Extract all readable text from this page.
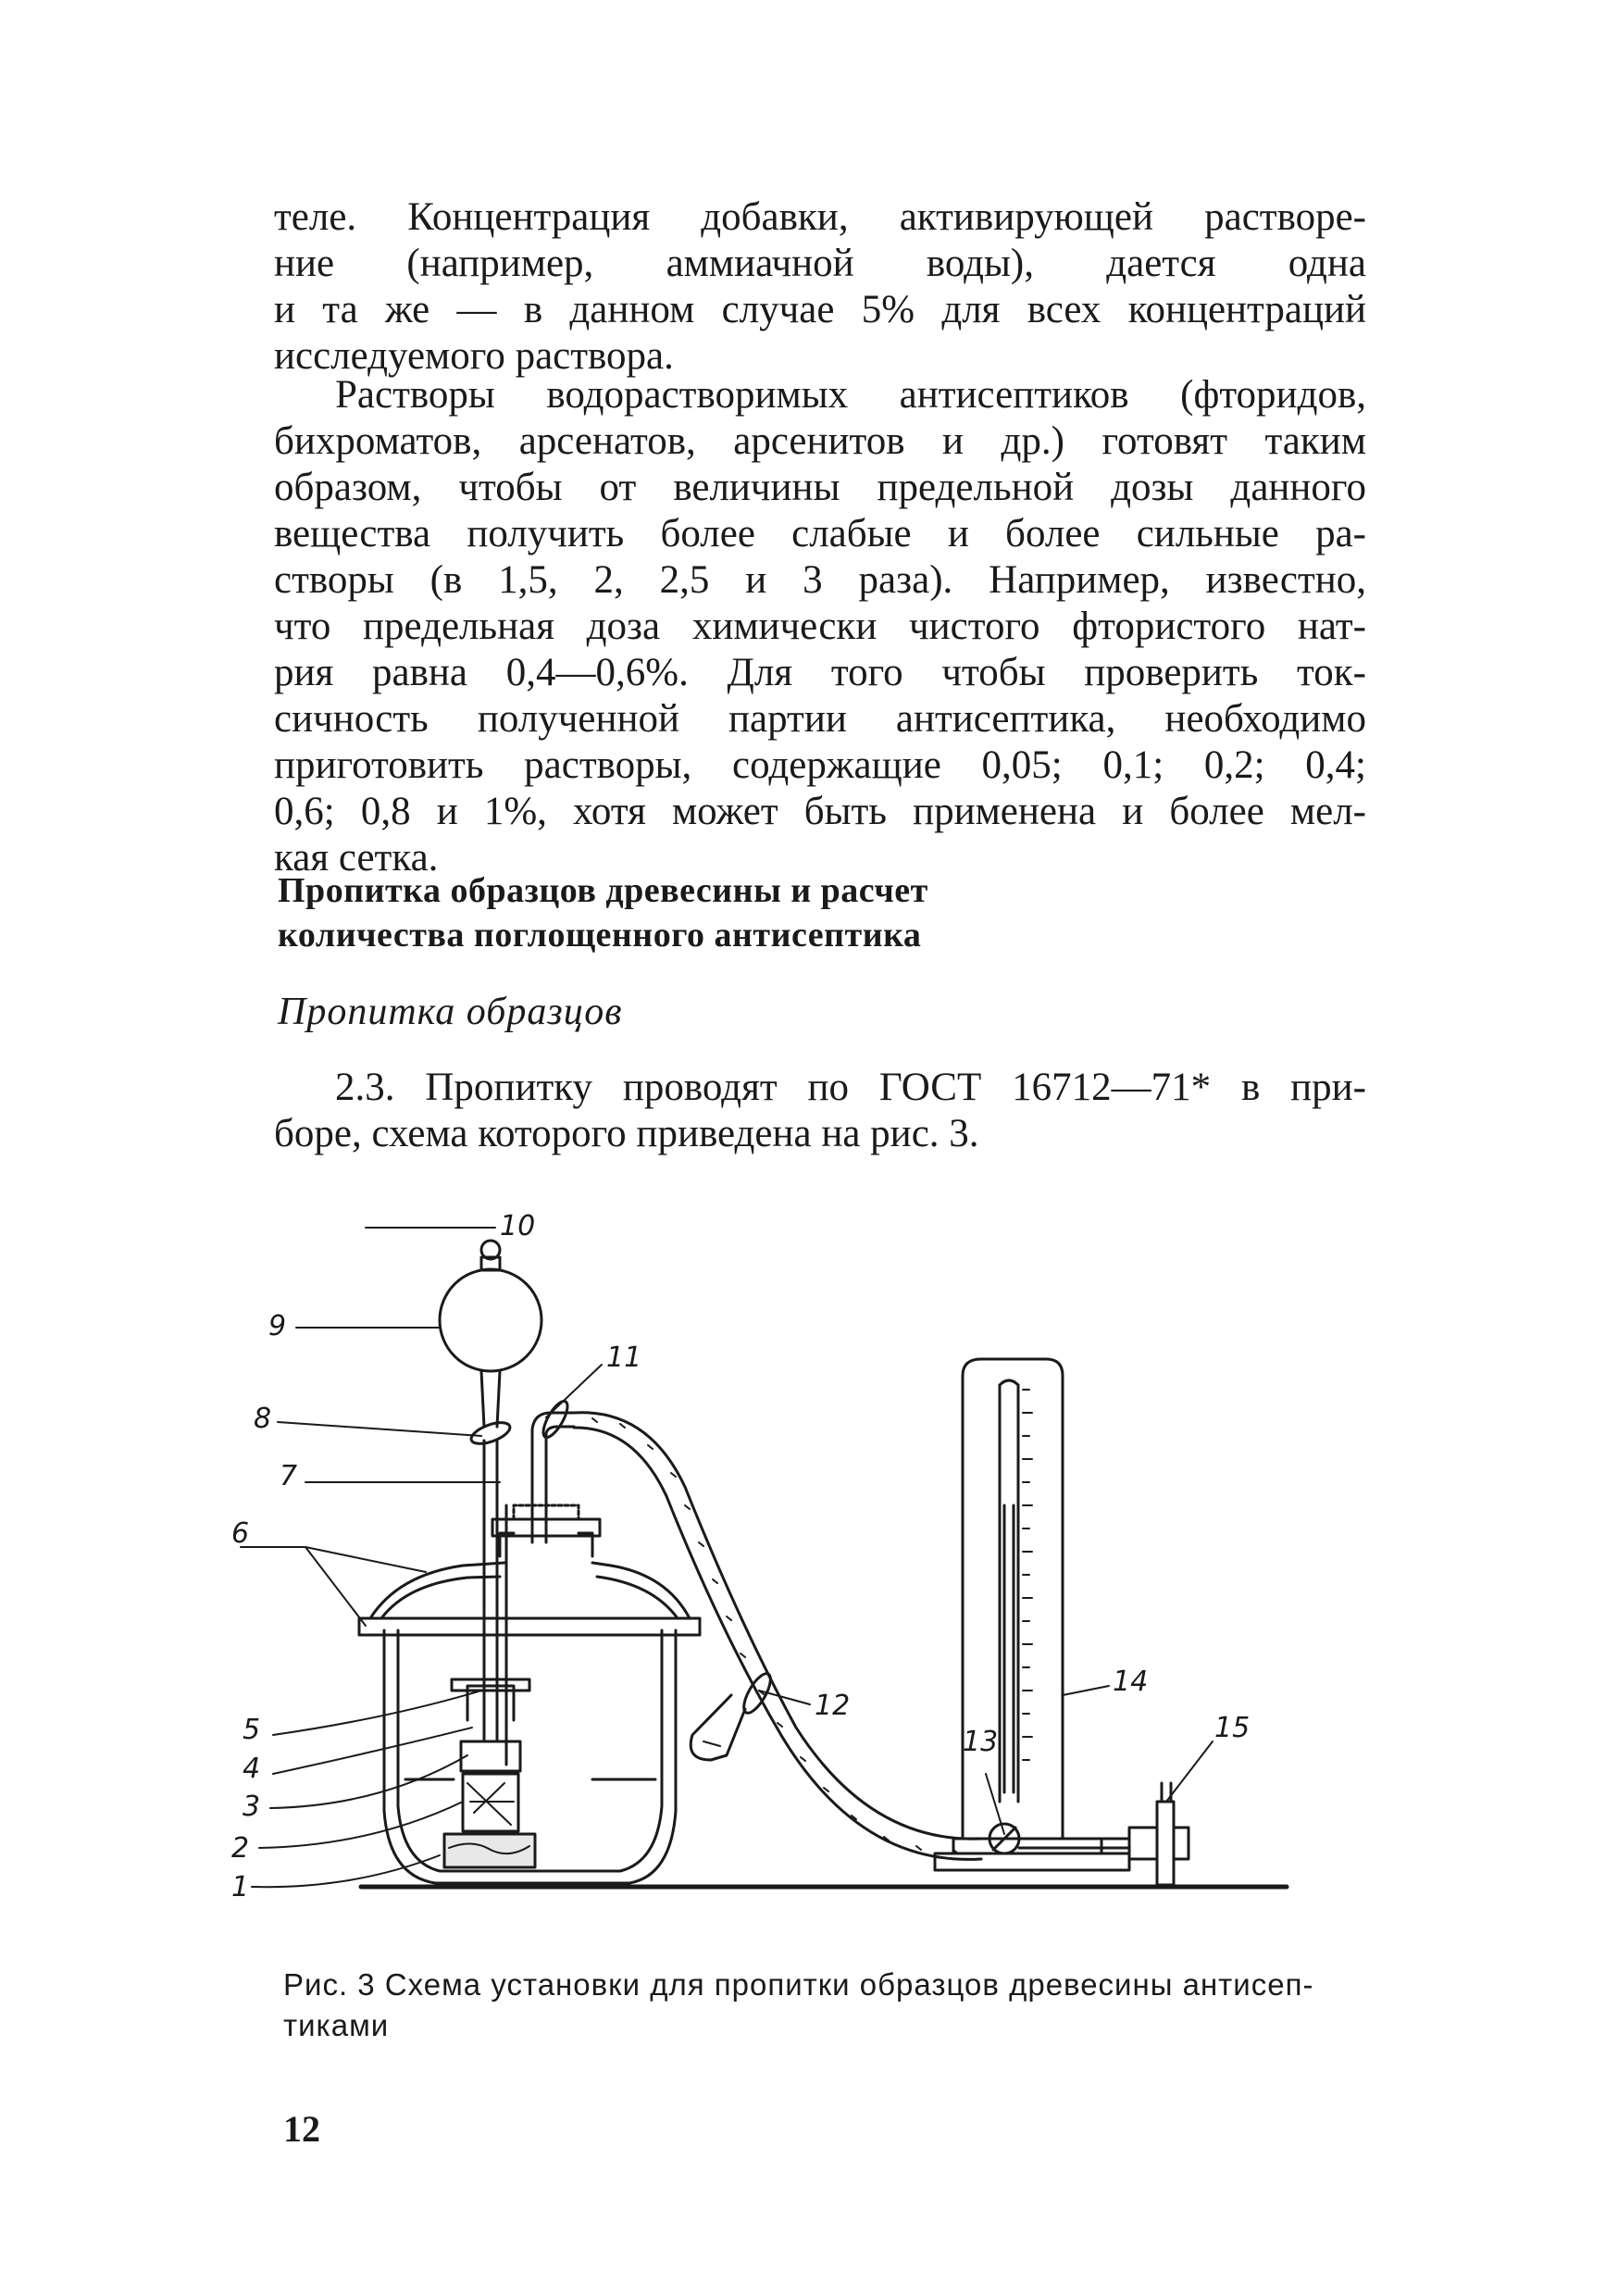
теле. Концентрация добавки, активирующей растворе-
ние (например, аммиачной воды), дается одна
и та же — в данном случае 5% для всех концентраций
исследуемого раствора.
Растворы водорастворимых антисептиков (фторидов,
бихроматов, арсенатов, арсенитов и др.) готовят таким
образом, чтобы от величины предельной дозы данного
вещества получить более слабые и более сильные ра-
створы (в 1,5, 2, 2,5 и 3 раза). Например, известно,
что предельная доза химически чистого фтористого нат-
рия равна 0,4—0,6%. Для того чтобы проверить ток-
сичность полученной партии антисептика, необходимо
приготовить растворы, содержащие 0,05; 0,1; 0,2; 0,4;
0,6; 0,8 и 1%, хотя может быть применена и более мел-
кая сетка.
Пропитка образцов древесины и расчет
количества поглощенного антисептика
Пропитка образцов
2.3. Пропитку проводят по ГОСТ 16712—71* в при-
боре, схема которого приведена на рис. 3.
1
2
3
4
5
6
7
8
9
10
11
12
13
14
15
Рис. 3 Схема установки для пропитки образцов древесины антисеп-
тиками
12
